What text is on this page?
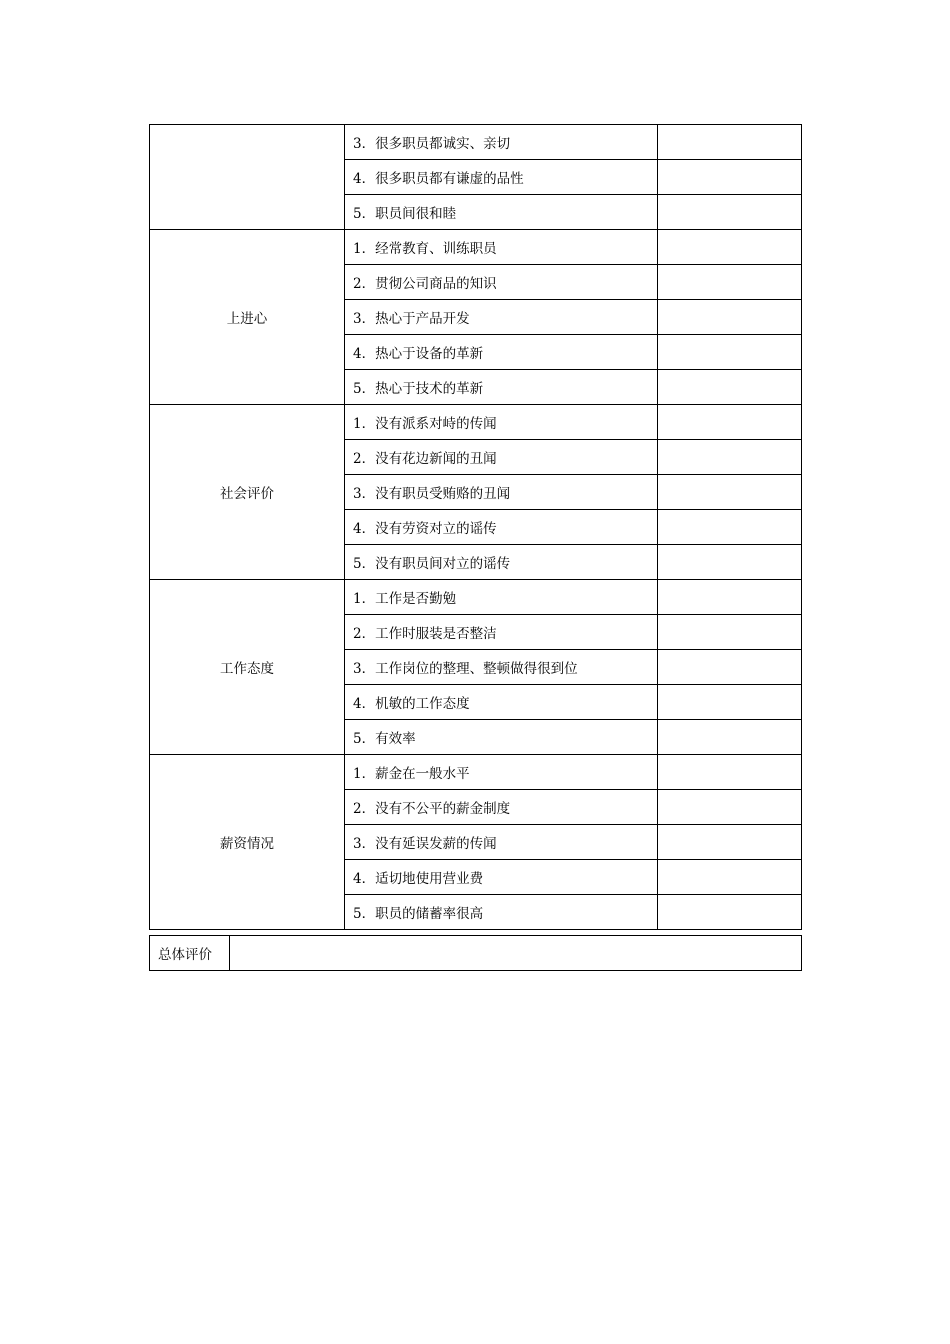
	3．很多职员都诚实、亲切	
	4．很多职员都有谦虚的品性	
	5．职员间很和睦	
上进心	1．经常教育、训练职员	
	2．贯彻公司商品的知识	
	3．热心于产品开发	
	4．热心于设备的革新	
	5．热心于技术的革新	
社会评价	1．没有派系对峙的传闻	
	2．没有花边新闻的丑闻	
	3．没有职员受贿赂的丑闻	
	4．没有劳资对立的谣传	
	5．没有职员间对立的谣传	
工作态度	1．工作是否勤勉	
	2．工作时服装是否整洁	
	3．工作岗位的整理、整顿做得很到位	
	4．机敏的工作态度	
	5．有效率	
薪资情况	1．薪金在一般水平	
	2．没有不公平的薪金制度	
	3．没有延误发薪的传闻	
	4．适切地使用营业费	
	5．职员的储蓄率很高	
总体评价	
